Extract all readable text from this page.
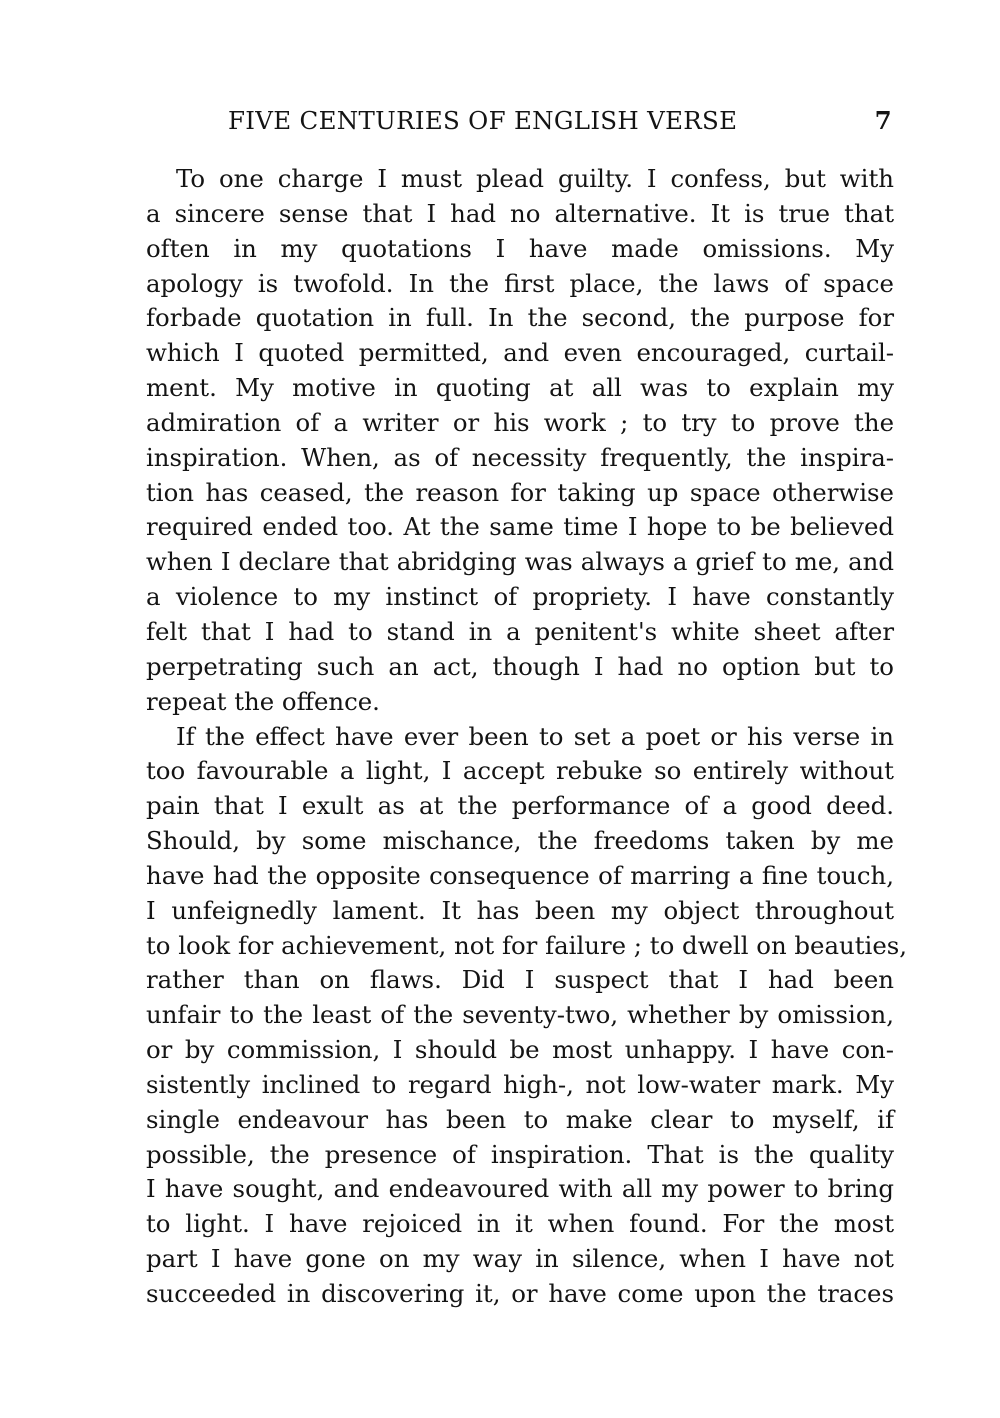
FIVE CENTURIES OF ENGLISH VERSE	7
To one charge I must plead guilty. I confess, but with
a sincere sense that I had no alternative. It is true that
often in my quotations I have made omissions. My
apology is twofold. In the first place, the laws of space
forbade quotation in full. In the second, the purpose for
which I quoted permitted, and even encouraged, curtail-
ment. My motive in quoting at all was to explain my
admiration of a writer or his work ; to try to prove the
inspiration. When, as of necessity frequently, the inspira-
tion has ceased, the reason for taking up space otherwise
required ended too. At the same time I hope to be believed
when I declare that abridging was always a grief to me, and
a violence to my instinct of propriety. I have constantly
felt that I had to stand in a penitent's white sheet after
perpetrating such an act, though I had no option but to
repeat the offence.
If the effect have ever been to set a poet or his verse in
too favourable a light, I accept rebuke so entirely without
pain that I exult as at the performance of a good deed.
Should, by some mischance, the freedoms taken by me
have had the opposite consequence of marring a fine touch,
I unfeignedly lament. It has been my object throughout
to look for achievement, not for failure ; to dwell on beauties,
rather than on flaws. Did I suspect that I had been
unfair to the least of the seventy-two, whether by omission,
or by commission, I should be most unhappy. I have con-
sistently inclined to regard high-, not low-water mark. My
single endeavour has been to make clear to myself, if
possible, the presence of inspiration. That is the quality
I have sought, and endeavoured with all my power to bring
to light. I have rejoiced in it when found. For the most
part I have gone on my way in silence, when I have not
succeeded in discovering it, or have come upon the traces
